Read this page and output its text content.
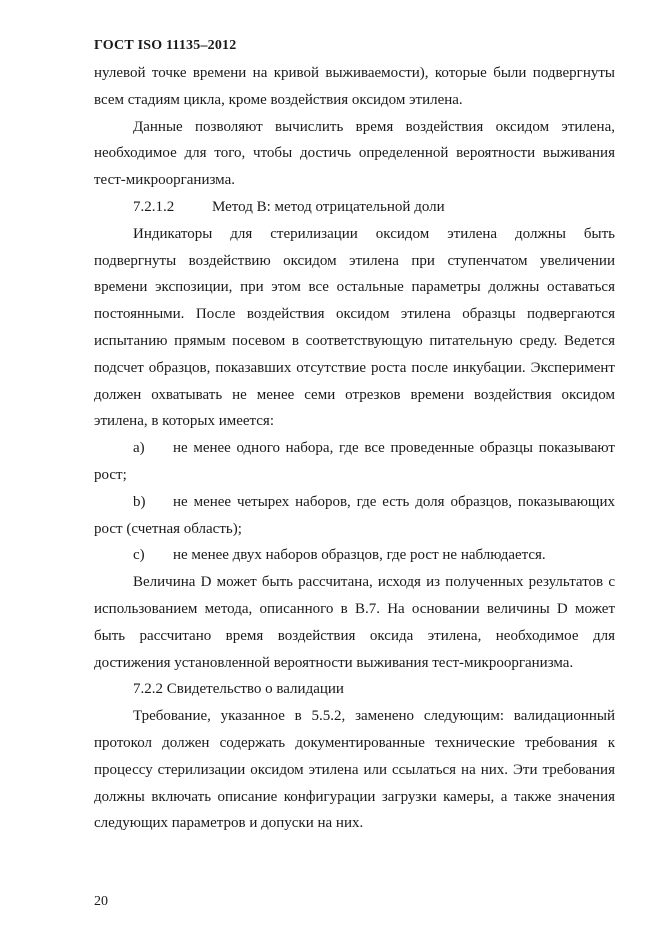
ГОСТ ISO 11135–2012

нулевой точке времени на кривой выживаемости), которые были подвергнуты всем стадиям цикла, кроме воздействия оксидом этилена.

Данные позволяют вычислить время воздействия оксидом этилена, необходимое для того, чтобы достичь определенной вероятности выживания тест-микроорганизма.

7.2.1.2	Метод В: метод отрицательной доли

Индикаторы для стерилизации оксидом этилена должны быть подвергнуты воздействию оксидом этилена при ступенчатом увеличении времени экспозиции, при этом все остальные параметры должны оставаться постоянными. После воздействия оксидом этилена образцы подвергаются испытанию прямым посевом в соответствующую питательную среду. Ведется подсчет образцов, показавших отсутствие роста после инкубации. Эксперимент должен охватывать не менее семи отрезков времени воздействия оксидом этилена, в которых имеется:

a) не менее одного набора, где все проведенные образцы показывают рост;

b) не менее четырех наборов, где есть доля образцов, показывающих рост (счетная область);

c) не менее двух наборов образцов, где рост не наблюдается.

Величина D может быть рассчитана, исходя из полученных результатов с использованием метода, описанного в В.7. На основании величины D может быть рассчитано время воздействия оксида этилена, необходимое для достижения установленной вероятности выживания тест-микроорганизма.

7.2.2 Свидетельство о валидации

Требование, указанное в 5.5.2, заменено следующим: валидационный протокол должен содержать документированные технические требования к процессу стерилизации оксидом этилена или ссылаться на них. Эти требования должны включать описание конфигурации загрузки камеры, а также значения следующих параметров и допуски на них.

20
